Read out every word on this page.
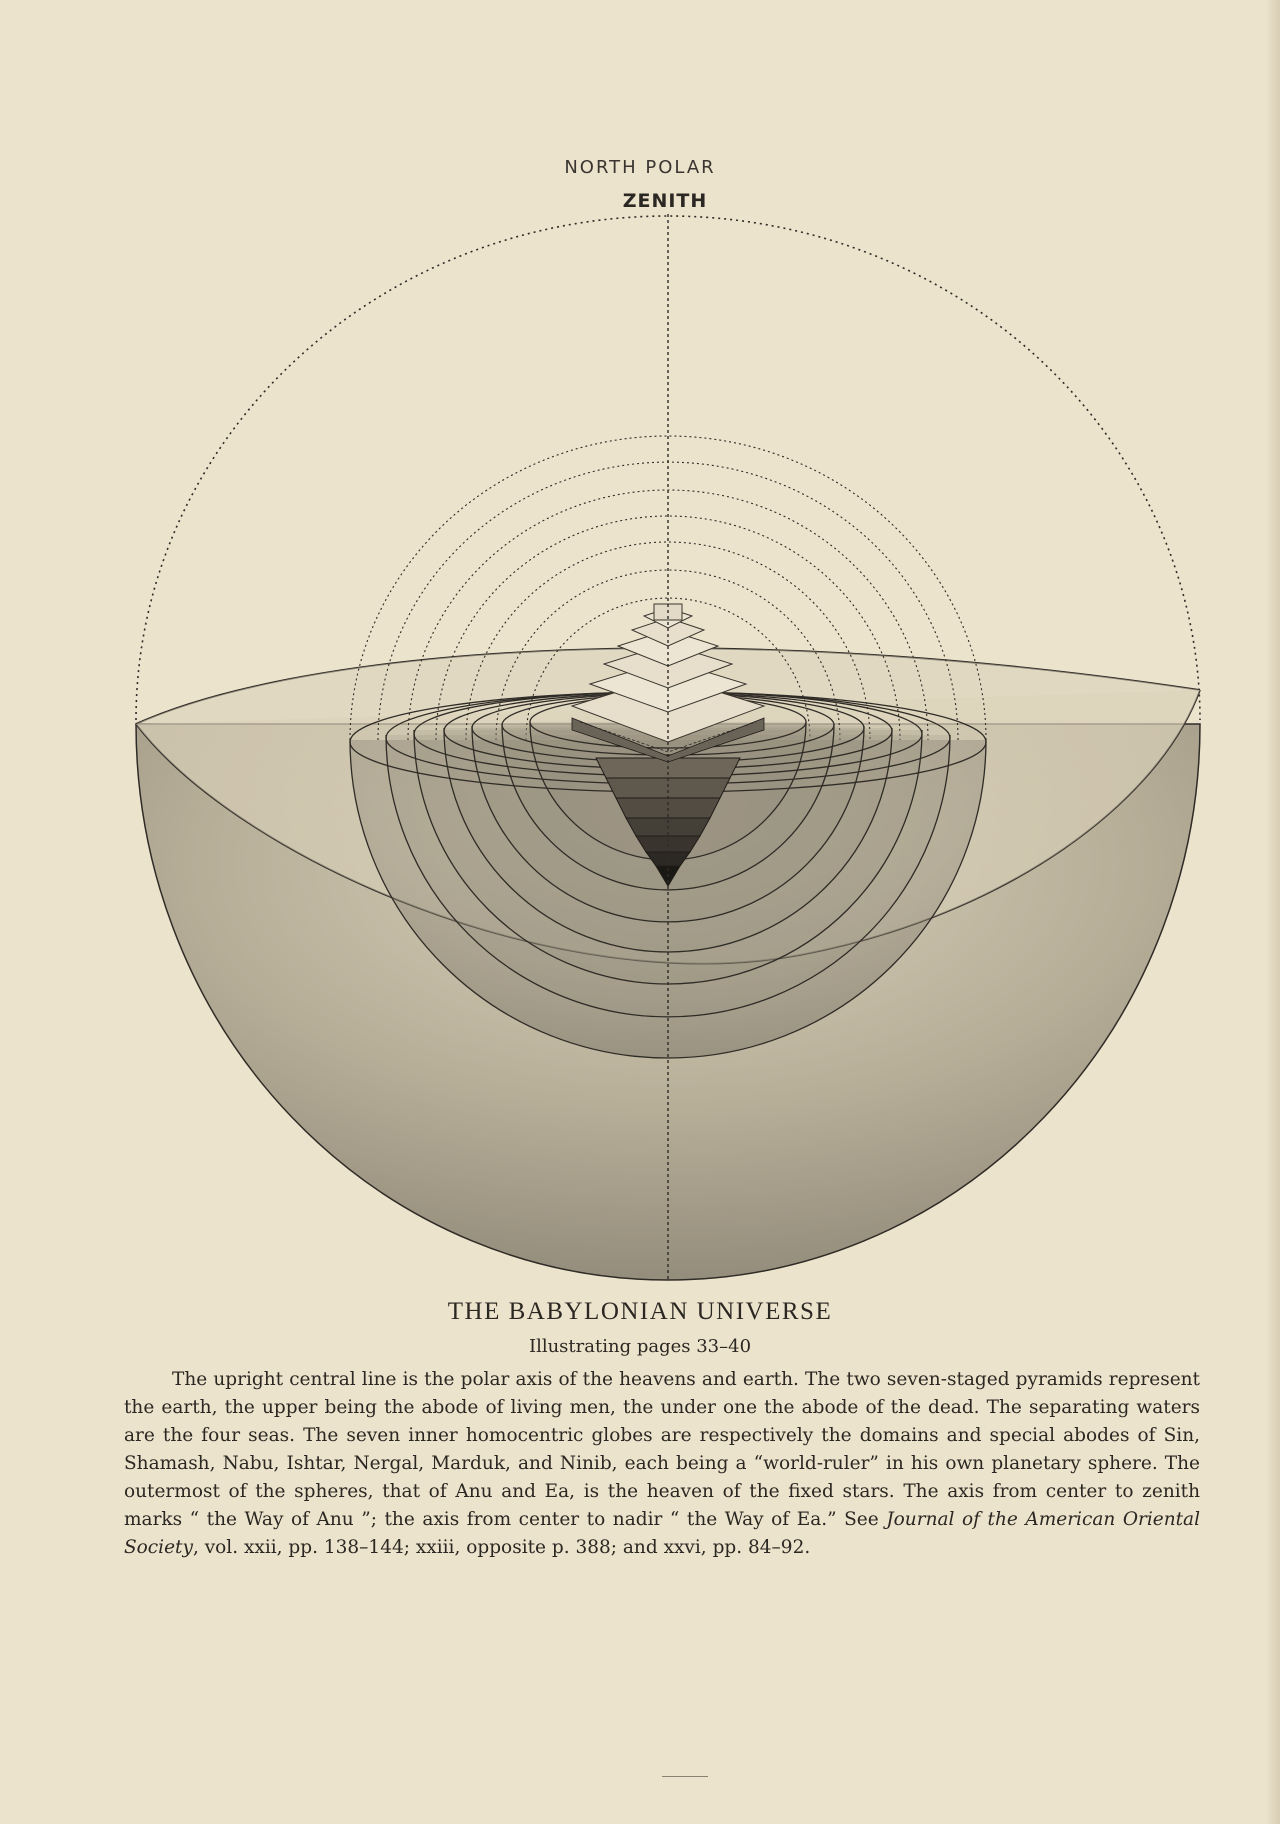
NORTH POLAR
ZENITH
THE BABYLONIAN UNIVERSE
Illustrating pages 33–40
The upright central line is the polar axis of the heavens and earth. The two seven-staged pyramids represent the earth, the upper being the abode of living men, the under one the abode of the dead. The separating waters are the four seas. The seven inner homocentric globes are respectively the domains and special abodes of Sin, Shamash, Nabu, Ishtar, Nergal, Marduk, and Ninib, each being a “world-ruler” in his own planetary sphere. The outermost of the spheres, that of Anu and Ea, is the heaven of the fixed stars. The axis from center to zenith marks “ the Way of Anu ”; the axis from center to nadir “ the Way of Ea.” See Journal of the American Oriental Society, vol. xxii, pp. 138–144; xxiii, opposite p. 388; and xxvi, pp. 84–92.
